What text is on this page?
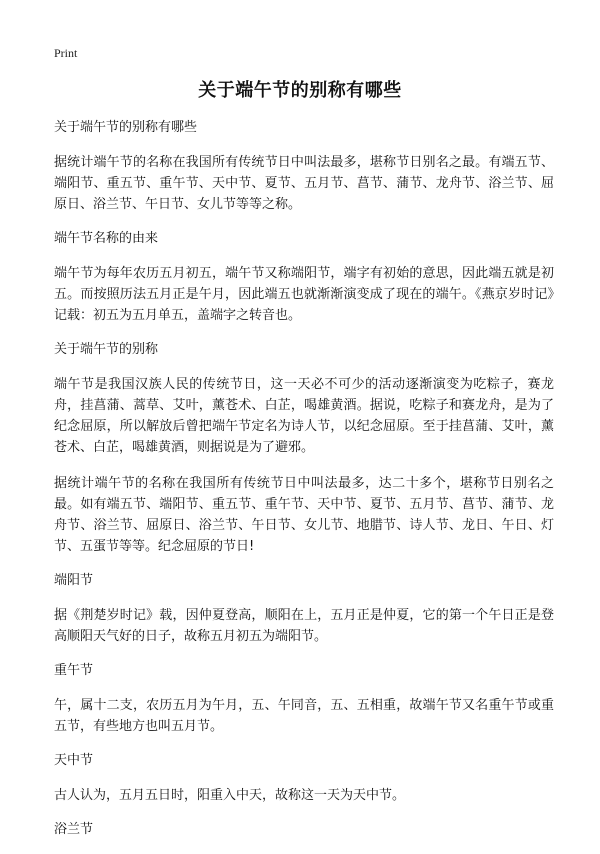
Print
关于端午节的别称有哪些
关于端午节的别称有哪些
据统计端午节的名称在我国所有传统节日中叫法最多，堪称节日别名之最。有端五节、端阳节、重五节、重午节、天中节、夏节、五月节、菖节、蒲节、龙舟节、浴兰节、屈原日、浴兰节、午日节、女儿节等等之称。
端午节名称的由来
端午节为每年农历五月初五，端午节又称端阳节，端字有初始的意思，因此端五就是初五。而按照历法五月正是午月，因此端五也就渐渐演变成了现在的端午。《燕京岁时记》记载：初五为五月单五，盖端字之转音也。
关于端午节的别称
端午节是我国汉族人民的传统节日，这一天必不可少的活动逐渐演变为吃粽子，赛龙舟，挂菖蒲、蒿草、艾叶，薰苍术、白芷，喝雄黄酒。据说，吃粽子和赛龙舟，是为了纪念屈原，所以解放后曾把端午节定名为诗人节，以纪念屈原。至于挂菖蒲、艾叶，薰苍术、白芷，喝雄黄酒，则据说是为了避邪。
据统计端午节的名称在我国所有传统节日中叫法最多，达二十多个，堪称节日别名之最。如有端五节、端阳节、重五节、重午节、天中节、夏节、五月节、菖节、蒲节、龙舟节、浴兰节、屈原日、浴兰节、午日节、女儿节、地腊节、诗人节、龙日、午日、灯节、五蛋节等等。纪念屈原的节日!
端阳节
据《荆楚岁时记》载，因仲夏登高，顺阳在上，五月正是仲夏，它的第一个午日正是登高顺阳天气好的日子，故称五月初五为端阳节。
重午节
午，属十二支，农历五月为午月，五、午同音，五、五相重，故端午节又名重午节或重五节，有些地方也叫五月节。
天中节
古人认为，五月五日时，阳重入中天，故称这一天为天中节。
浴兰节
